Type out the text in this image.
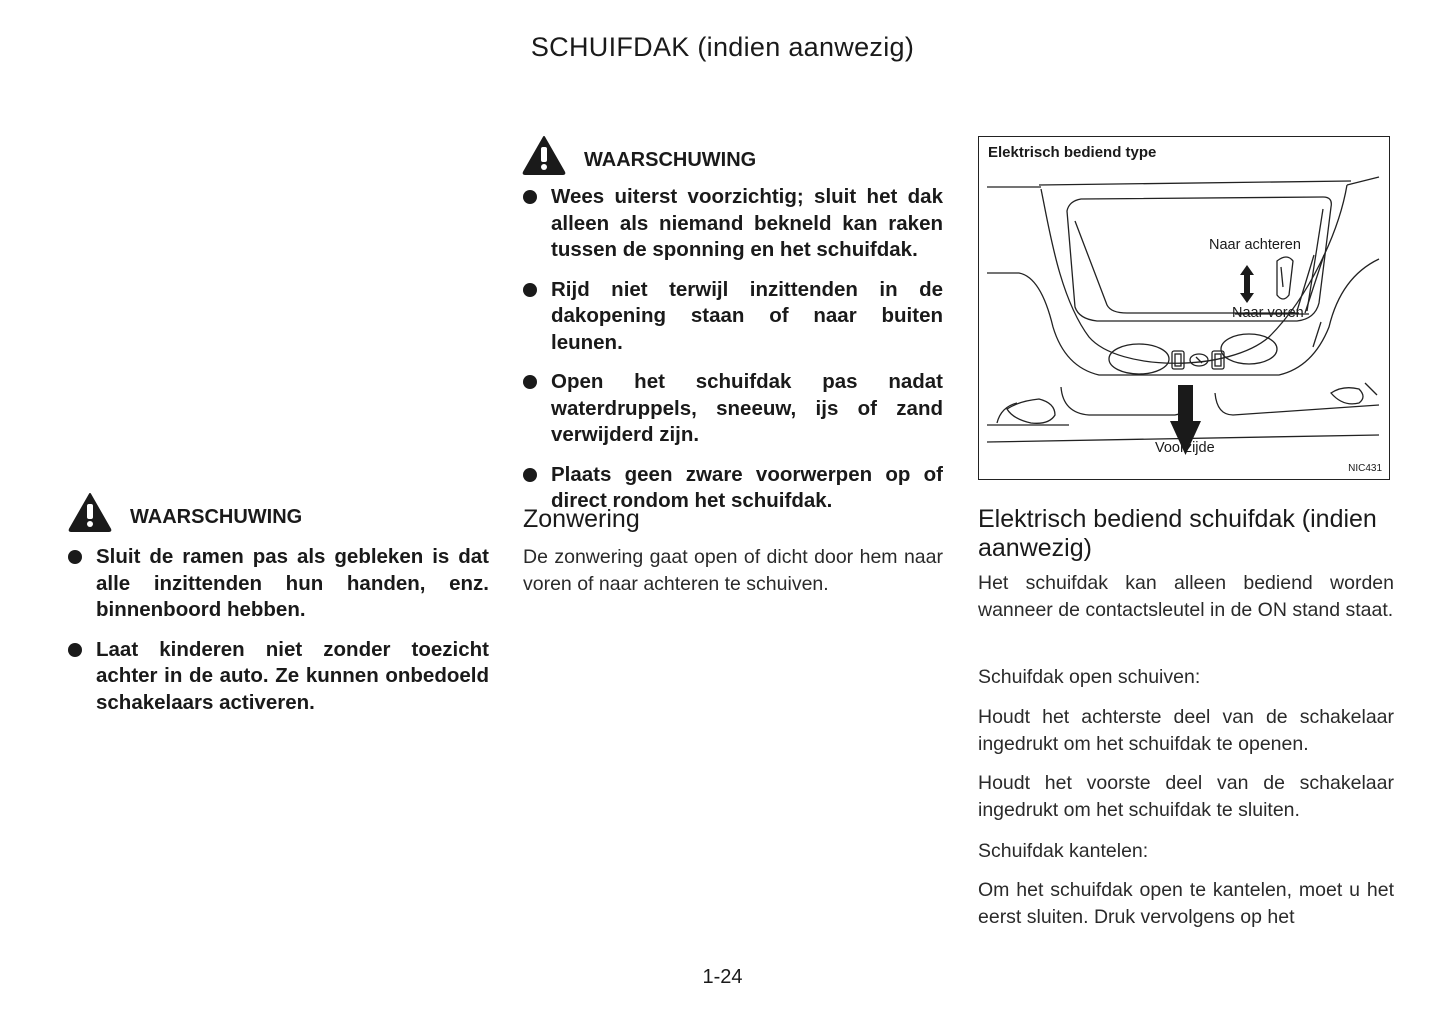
SCHUIFDAK (indien aanwezig)
WAARSCHUWING
Sluit de ramen pas als gebleken is dat alle inzittenden hun handen, enz. binnenboord hebben.
Laat kinderen niet zonder toezicht achter in de auto. Ze kunnen onbedoeld schakelaars activeren.
WAARSCHUWING
Wees uiterst voorzichtig; sluit het dak alleen als niemand bekneld kan raken tussen de sponning en het schuifdak.
Rijd niet terwijl inzittenden in de dakopening staan of naar buiten leunen.
Open het schuifdak pas nadat waterdruppels, sneeuw, ijs of zand verwijderd zijn.
Plaats geen zware voorwerpen op of direct rondom het schuifdak.
Zonwering

De zonwering gaat open of dicht door hem naar voren of naar achteren te schuiven.

Elektrisch bediend type
Naar achteren
Naar voren
Voorzijde
NIC431
Elektrisch bediend schuifdak (indien aanwezig)

Het schuifdak kan alleen bediend worden wanneer de contactsleutel in de ON stand staat.

Schuifdak open schuiven:

Houdt het achterste deel van de schakelaar ingedrukt om het schuifdak te openen.

Houdt het voorste deel van de schakelaar ingedrukt om het schuifdak te sluiten.

Schuifdak kantelen:

Om het schuifdak open te kantelen, moet u het eerst sluiten. Druk vervolgens op het

1-24
